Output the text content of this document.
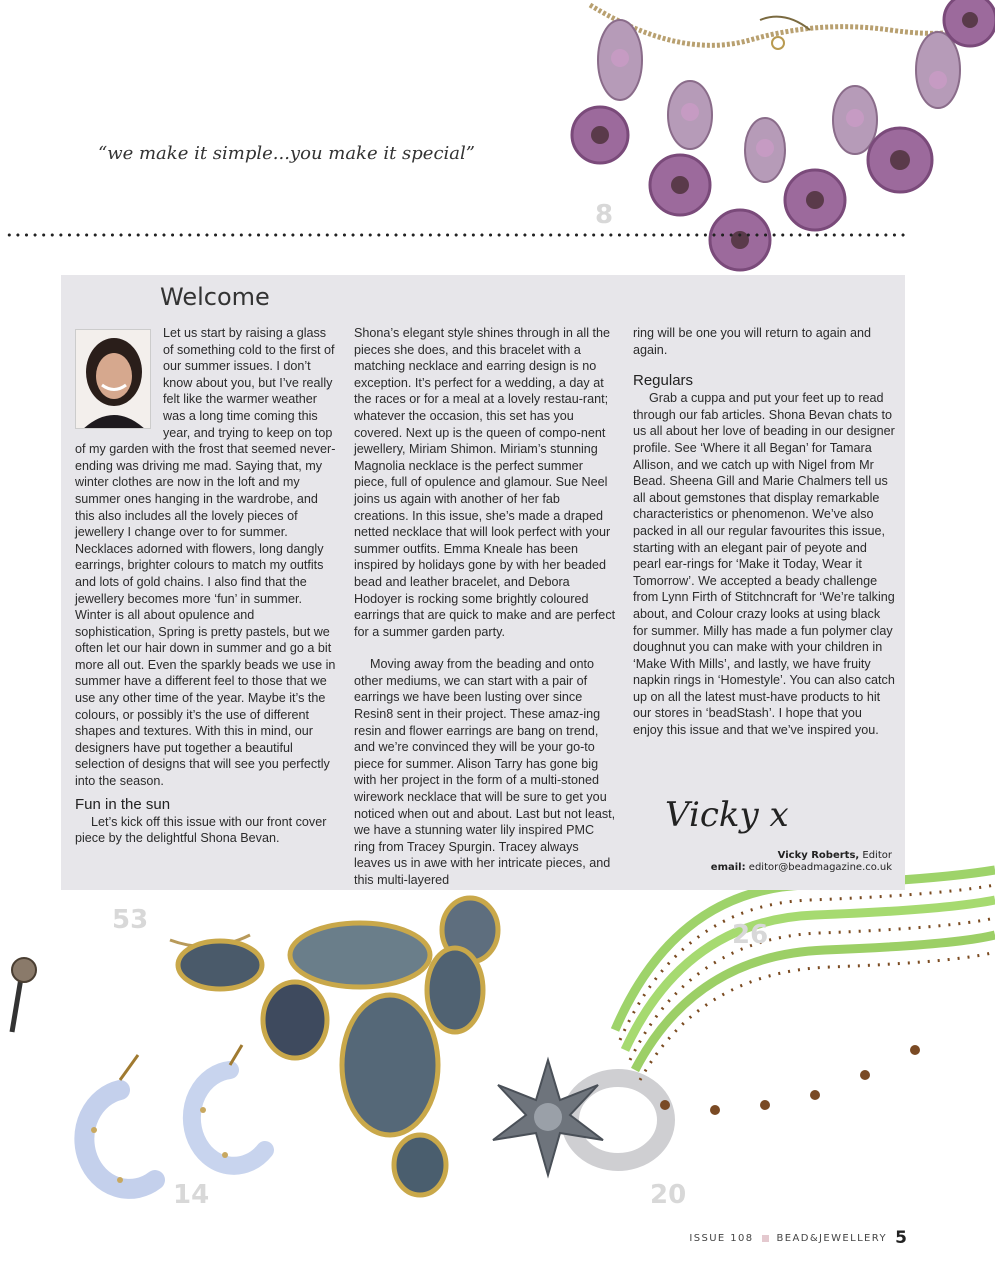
“we make it simple...you make it special”
8
Welcome

Let us start by raising a glass of something cold to the first of our summer issues. I don’t know about you, but I’ve really felt like the warmer weather was a long time coming this year, and trying to keep on top of my garden with the frost that seemed never-ending was driving me mad. Saying that, my winter clothes are now in the loft and my summer ones hanging in the wardrobe, and this also includes all the lovely pieces of jewellery I change over to for summer. Necklaces adorned with flowers, long dangly earrings, brighter colours to match my outfits and lots of gold chains. I also find that the jewellery becomes more ‘fun’ in summer. Winter is all about opulence and sophistication, Spring is pretty pastels, but we often let our hair down in summer and go a bit more all out. Even the sparkly beads we use in summer have a different feel to those that we use any other time of the year. Maybe it’s the colours, or possibly it’s the use of different shapes and textures. With this in mind, our designers have put together a beautiful selection of designs that will see you perfectly into the season.

Fun in the sun

Let’s kick off this issue with our front cover piece by the delightful Shona Bevan.

Shona’s elegant style shines through in all the pieces she does, and this bracelet with a matching necklace and earring design is no exception. It’s perfect for a wedding, a day at the races or for a meal at a lovely restau-rant; whatever the occasion, this set has you covered. Next up is the queen of compo-nent jewellery, Miriam Shimon. Miriam’s stunning Magnolia necklace is the perfect summer piece, full of opulence and glamour. Sue Neel joins us again with another of her fab creations. In this issue, she’s made a draped netted necklace that will look perfect with your summer outfits. Emma Kneale has been inspired by holidays gone by with her beaded bead and leather bracelet, and Debora Hodoyer is rocking some brightly coloured earrings that are quick to make and are perfect for a summer garden party.

Moving away from the beading and onto other mediums, we can start with a pair of earrings we have been lusting over since Resin8 sent in their project. These amaz-ing resin and flower earrings are bang on trend, and we’re convinced they will be your go-to piece for summer. Alison Tarry has gone big with her project in the form of a multi-stoned wirework necklace that will be sure to get you noticed when out and about. Last but not least, we have a stunning water lily inspired PMC ring from Tracey Spurgin. Tracey always leaves us in awe with her intricate pieces, and this multi-layered

ring will be one you will return to again and again.

Regulars

Grab a cuppa and put your feet up to read through our fab articles. Shona Bevan chats to us all about her love of beading in our designer profile. See ‘Where it all Began’ for Tamara Allison, and we catch up with Nigel from Mr Bead. Sheena Gill and Marie Chalmers tell us all about gemstones that display remarkable characteristics or phenomenon. We’ve also packed in all our regular favourites this issue, starting with an elegant pair of peyote and pearl ear-rings for ‘Make it Today, Wear it Tomorrow’. We accepted a beady challenge from Lynn Firth of Stitchncraft for ‘We’re talking about, and Colour crazy looks at using black for summer. Milly has made a fun polymer clay doughnut you can make with your children in ‘Make With Mills’, and lastly, we have fruity napkin rings in ‘Homestyle’. You can also catch up on all the latest must-have products to hit our stores in ‘beadStash’. I hope that you enjoy this issue and that we’ve inspired you.

Vicky x
Vicky Roberts, Editor
email: editor@beadmagazine.co.uk
53	26
14	20
ISSUE 108 BEAD&JEWELLERY 5
